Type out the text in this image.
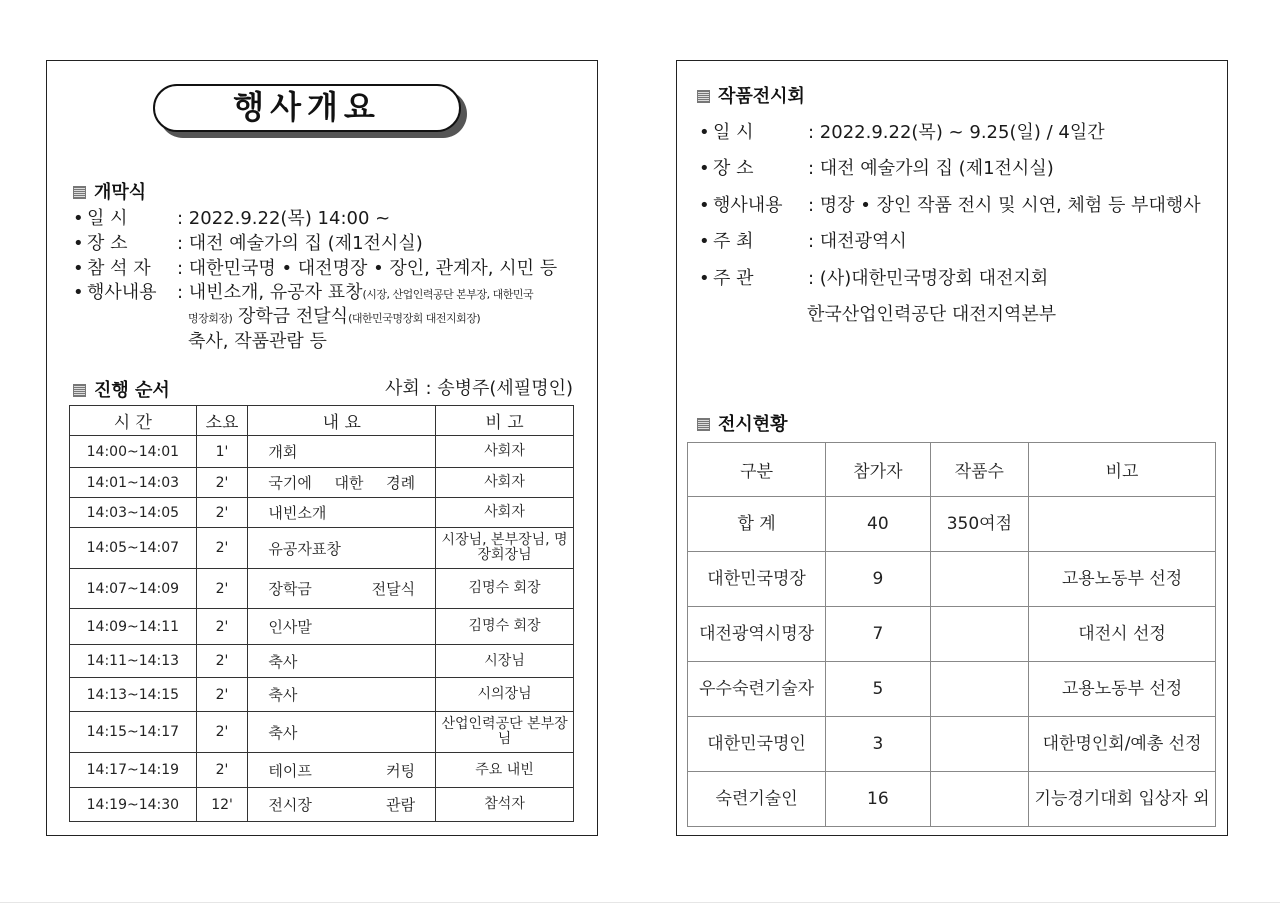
행사개요
개막식
• 일 시	: 2022.9.22(목) 14:00 ~
• 장 소	: 대전 예술가의 집 (제1전시실)
• 참 석 자 : 대한민국명 • 대전명장 • 장인, 관계자, 시민 등
• 행사내용 : 내빈소개, 유공자 표창(시장, 산업인력공단 본부장, 대한민국
명장회장) 장학금 전달식(대한민국명장회 대전지회장)
축사, 작품관람 등
진행 순서	사회 : 송병주(세필명인)
시 간	소요	내 요	비 고
14:00~14:01	1'	개회	사회자
14:01~14:03	2'	국기에 대한 경례	사회자
14:03~14:05	2'	내빈소개	사회자
14:05~14:07	2'	유공자표창	시장님, 본부장님, 명장회장님
14:07~14:09	2'	장학금 전달식	김명수 회장
14:09~14:11	2'	인사말	김명수 회장
14:11~14:13	2'	축사	시장님
14:13~14:15	2'	축사	시의장님
14:15~14:17	2'	축사	산업인력공단 본부장님
14:17~14:19	2'	테이프 커팅	주요 내빈
14:19~14:30	12'	전시장 관람	참석자
작품전시회
• 일 시	: 2022.9.22(목) ~ 9.25(일) / 4일간
• 장 소	: 대전 예술가의 집 (제1전시실)
• 행사내용 : 명장 • 장인 작품 전시 및 시연, 체험 등 부대행사
• 주 최	: 대전광역시
• 주 관	: (사)대한민국명장회 대전지회
한국산업인력공단 대전지역본부
전시현황
구분	참가자	작품수	비고
합 계	40	350여점	
대한민국명장	9		고용노동부 선정
대전광역시명장	7		대전시 선정
우수숙련기술자	5		고용노동부 선정
대한민국명인	3		대한명인회/예총 선정
숙련기술인	16		기능경기대회 입상자 외
